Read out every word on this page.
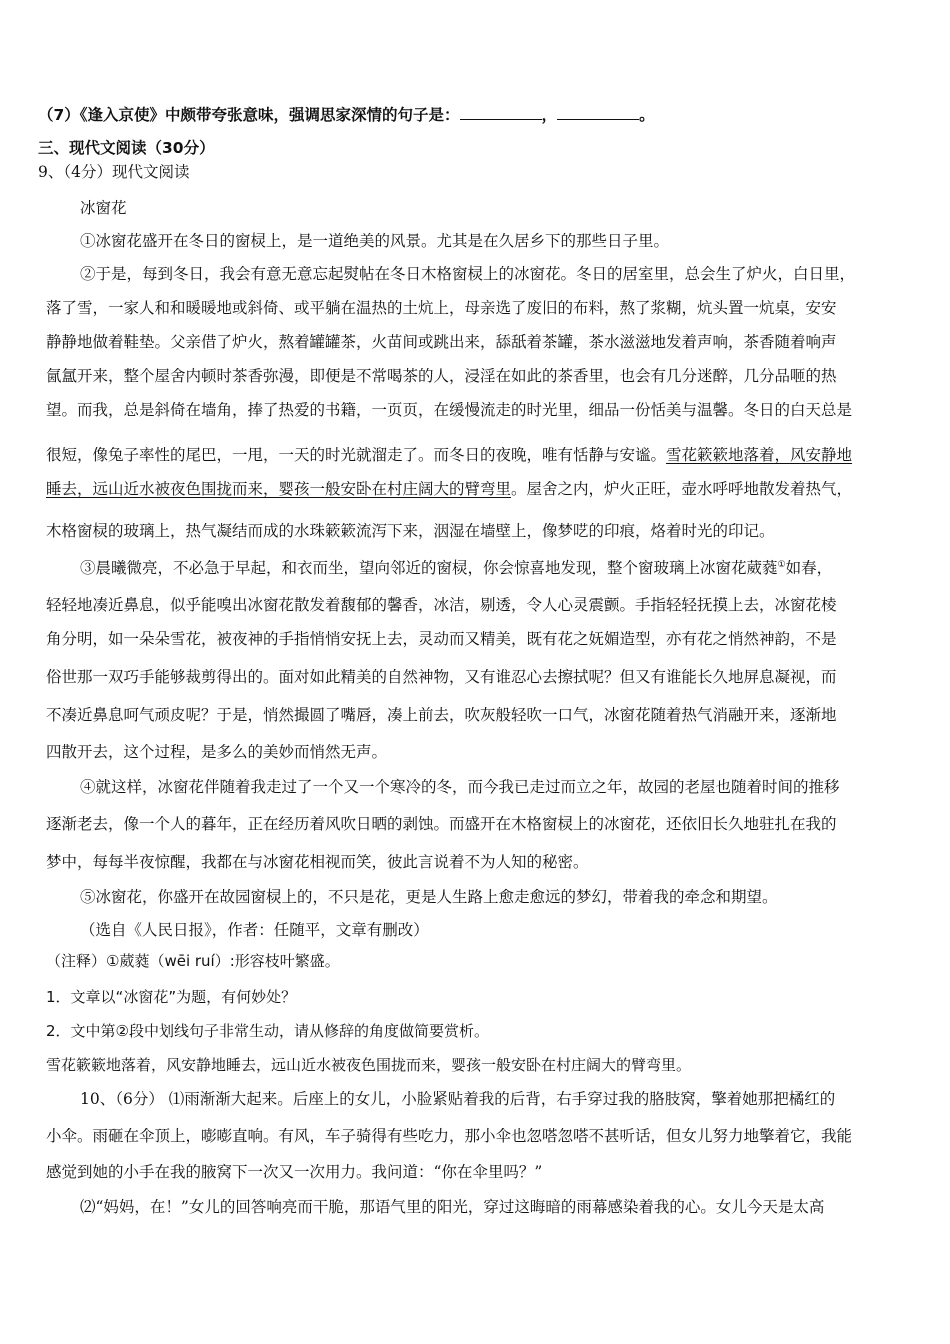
（7）《逢入京使》中颇带夸张意味，强调思家深情的句子是：	，	。
三、现代文阅读（30分）
9、（4分）现代文阅读
冰窗花
①冰窗花盛开在冬日的窗棂上，是一道绝美的风景。尤其是在久居乡下的那些日子里。
②于是，每到冬日，我会有意无意忘起熨帖在冬日木格窗棂上的冰窗花。冬日的居室里，总会生了炉火，白日里，
落了雪，一家人和和暖暖地或斜倚、或平躺在温热的土炕上，母亲选了废旧的布料，熬了浆糊，炕头置一炕桌，安安
静静地做着鞋垫。父亲借了炉火，熬着罐罐茶，火苗间或跳出来，舔舐着茶罐，茶水滋滋地发着声响，茶香随着响声
氤氲开来，整个屋舍内顿时茶香弥漫，即便是不常喝茶的人，浸淫在如此的茶香里，也会有几分迷醉，几分品咂的热
望。而我，总是斜倚在墙角，捧了热爱的书籍，一页页，在缓慢流走的时光里，细品一份恬美与温馨。冬日的白天总是
很短，像兔子率性的尾巴，一甩，一天的时光就溜走了。而冬日的夜晚，唯有恬静与安谧。雪花簌簌地落着，风安静地
睡去，远山近水被夜色围拢而来，婴孩一般安卧在村庄阔大的臂弯里。屋舍之内，炉火正旺，壶水呼呼地散发着热气，
木格窗棂的玻璃上，热气凝结而成的水珠簌簌流泻下来，洇湿在墙壁上，像梦呓的印痕，烙着时光的印记。
③晨曦微亮，不必急于早起，和衣而坐，望向邻近的窗棂，你会惊喜地发现，整个窗玻璃上冰窗花葳蕤①如春，
轻轻地凑近鼻息，似乎能嗅出冰窗花散发着馥郁的馨香，冰洁，剔透，令人心灵震颤。手指轻轻抚摸上去，冰窗花棱
角分明，如一朵朵雪花，被夜神的手指悄悄安抚上去，灵动而又精美，既有花之妩媚造型，亦有花之悄然神韵，不是
俗世那一双巧手能够裁剪得出的。面对如此精美的自然神物，又有谁忍心去擦拭呢？但又有谁能长久地屏息凝视，而
不凑近鼻息呵气顽皮呢？于是，悄然撮圆了嘴唇，凑上前去，吹灰般轻吹一口气，冰窗花随着热气消融开来，逐渐地
四散开去，这个过程，是多么的美妙而悄然无声。
④就这样，冰窗花伴随着我走过了一个又一个寒冷的冬，而今我已走过而立之年，故园的老屋也随着时间的推移
逐渐老去，像一个人的暮年，正在经历着风吹日晒的剥蚀。而盛开在木格窗棂上的冰窗花，还依旧长久地驻扎在我的
梦中，每每半夜惊醒，我都在与冰窗花相视而笑，彼此言说着不为人知的秘密。
⑤冰窗花，你盛开在故园窗棂上的，不只是花，更是人生路上愈走愈远的梦幻，带着我的牵念和期望。
（选自《人民日报》，作者：任随平，文章有删改）
（注释）①葳蕤（wēi ruí）:形容枝叶繁盛。
1．文章以“冰窗花”为题，有何妙处？
2．文中第②段中划线句子非常生动，请从修辞的角度做简要赏析。
雪花簌簌地落着，风安静地睡去，远山近水被夜色围拢而来，婴孩一般安卧在村庄阔大的臂弯里。
10、（6分） ⑴雨渐渐大起来。后座上的女儿，小脸紧贴着我的后背，右手穿过我的胳肢窝，擎着她那把橘红的
小伞。雨砸在伞顶上，嘭嘭直响。有风，车子骑得有些吃力，那小伞也忽嗒忽嗒不甚听话，但女儿努力地擎着它，我能
感觉到她的小手在我的腋窝下一次又一次用力。我问道：“你在伞里吗？”
⑵“妈妈，在！”女儿的回答响亮而干脆，那语气里的阳光，穿过这晦暗的雨幕感染着我的心。女儿今天是太高
